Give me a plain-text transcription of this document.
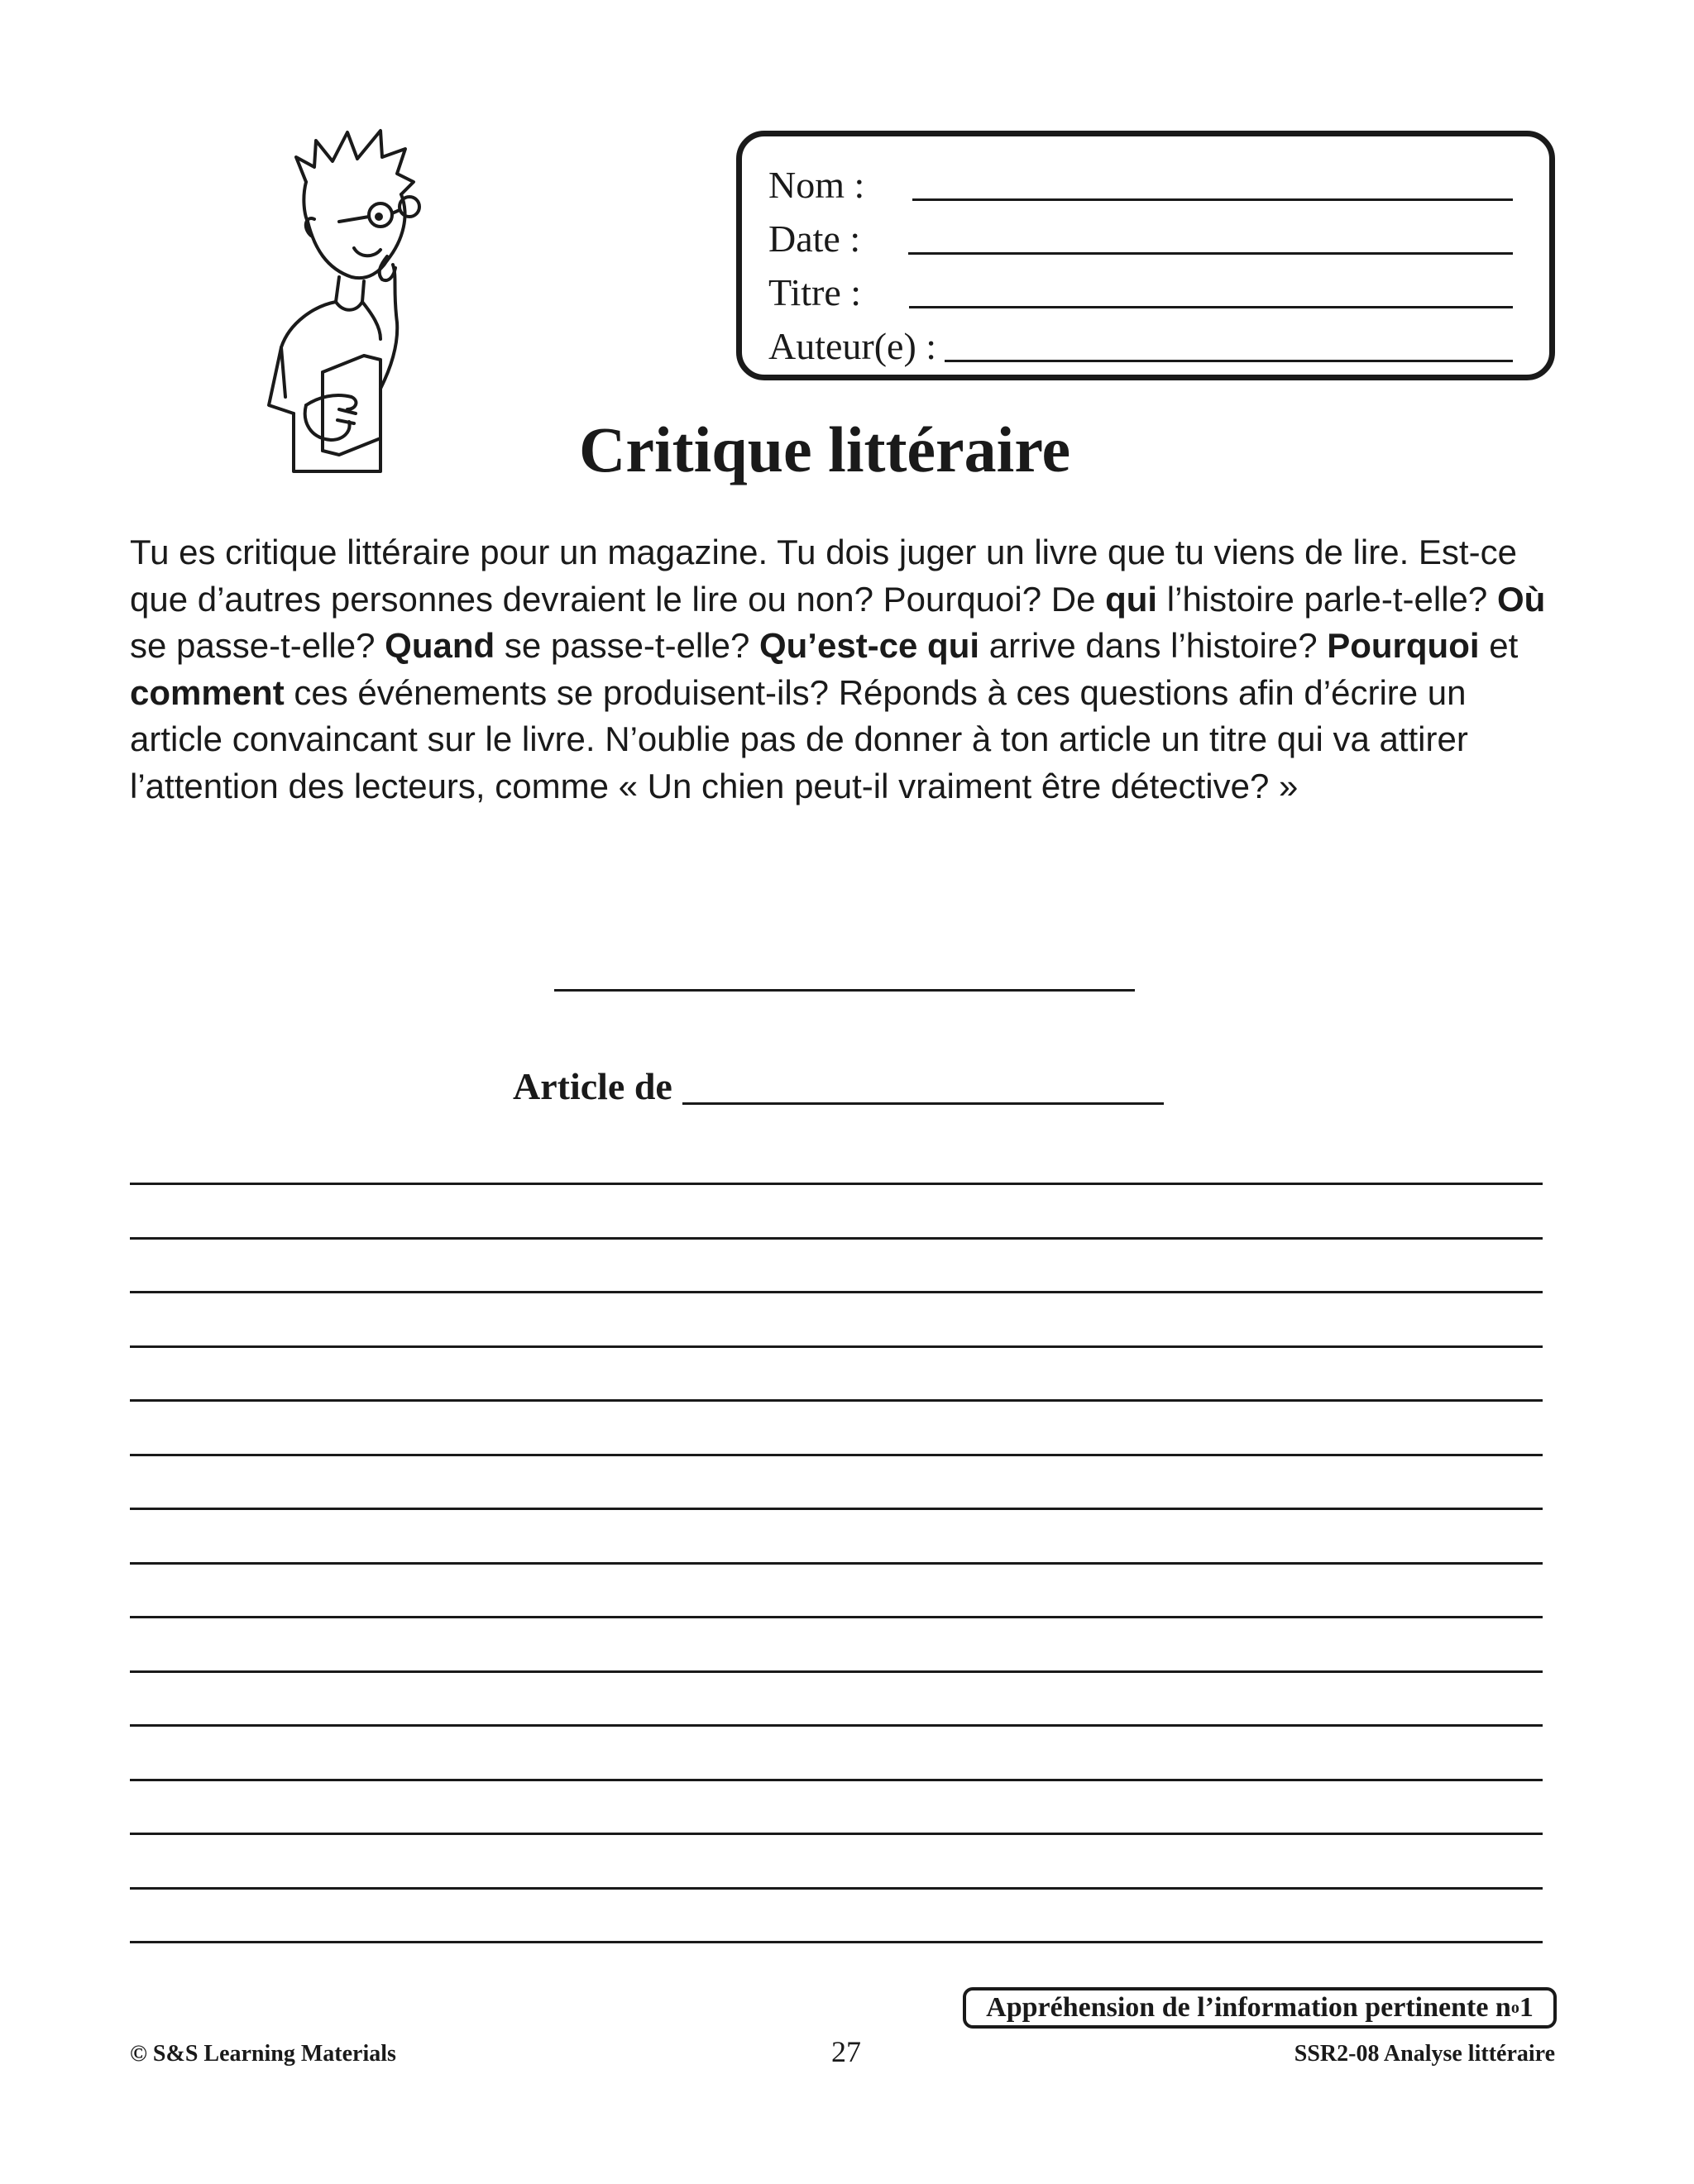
Nom :
Date :
Titre :
Auteur(e) :
Critique littéraire
Tu es critique littéraire pour un magazine. Tu dois juger un livre que tu viens de lire. Est-ce que d’autres personnes devraient le lire ou non? Pourquoi? De qui l’histoire parle-t-elle? Où se passe-t-elle? Quand se passe-t-elle? Qu’est-ce qui arrive dans l’histoire? Pourquoi et comment ces événements se produisent-ils? Réponds à ces questions afin d’écrire un article convaincant sur le livre. N’oublie pas de donner à ton article un titre qui va attirer l’attention des lecteurs, comme « Un chien peut-il vraiment être détective? »
Article de
Appréhension de l’information pertinente n o 1
© S&S Learning Materials	27	SSR2-08 Analyse littéraire
